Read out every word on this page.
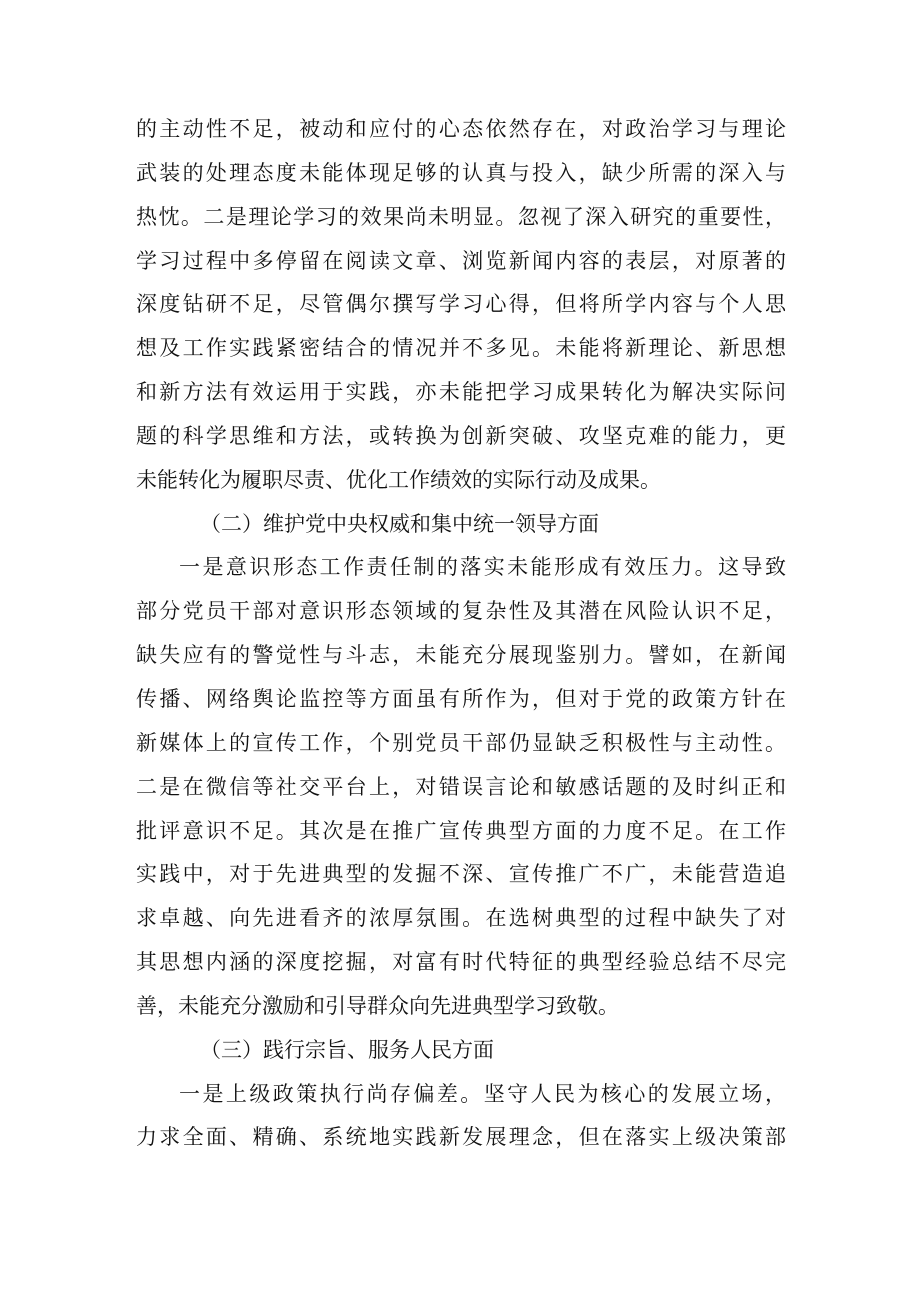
的主动性不足，被动和应付的心态依然存在，对政治学习与理论
武装的处理态度未能体现足够的认真与投入，缺少所需的深入与
热忱。二是理论学习的效果尚未明显。忽视了深入研究的重要性，
学习过程中多停留在阅读文章、浏览新闻内容的表层，对原著的
深度钻研不足，尽管偶尔撰写学习心得，但将所学内容与个人思
想及工作实践紧密结合的情况并不多见。未能将新理论、新思想
和新方法有效运用于实践，亦未能把学习成果转化为解决实际问
题的科学思维和方法，或转换为创新突破、攻坚克难的能力，更
未能转化为履职尽责、优化工作绩效的实际行动及成果。
（二）维护党中央权威和集中统一领导方面
一是意识形态工作责任制的落实未能形成有效压力。这导致
部分党员干部对意识形态领域的复杂性及其潜在风险认识不足，
缺失应有的警觉性与斗志，未能充分展现鉴别力。譬如，在新闻
传播、网络舆论监控等方面虽有所作为，但对于党的政策方针在
新媒体上的宣传工作，个别党员干部仍显缺乏积极性与主动性。
二是在微信等社交平台上，对错误言论和敏感话题的及时纠正和
批评意识不足。其次是在推广宣传典型方面的力度不足。在工作
实践中，对于先进典型的发掘不深、宣传推广不广，未能营造追
求卓越、向先进看齐的浓厚氛围。在选树典型的过程中缺失了对
其思想内涵的深度挖掘，对富有时代特征的典型经验总结不尽完
善，未能充分激励和引导群众向先进典型学习致敬。
（三）践行宗旨、服务人民方面
一是上级政策执行尚存偏差。坚守人民为核心的发展立场，
力求全面、精确、系统地实践新发展理念，但在落实上级决策部
